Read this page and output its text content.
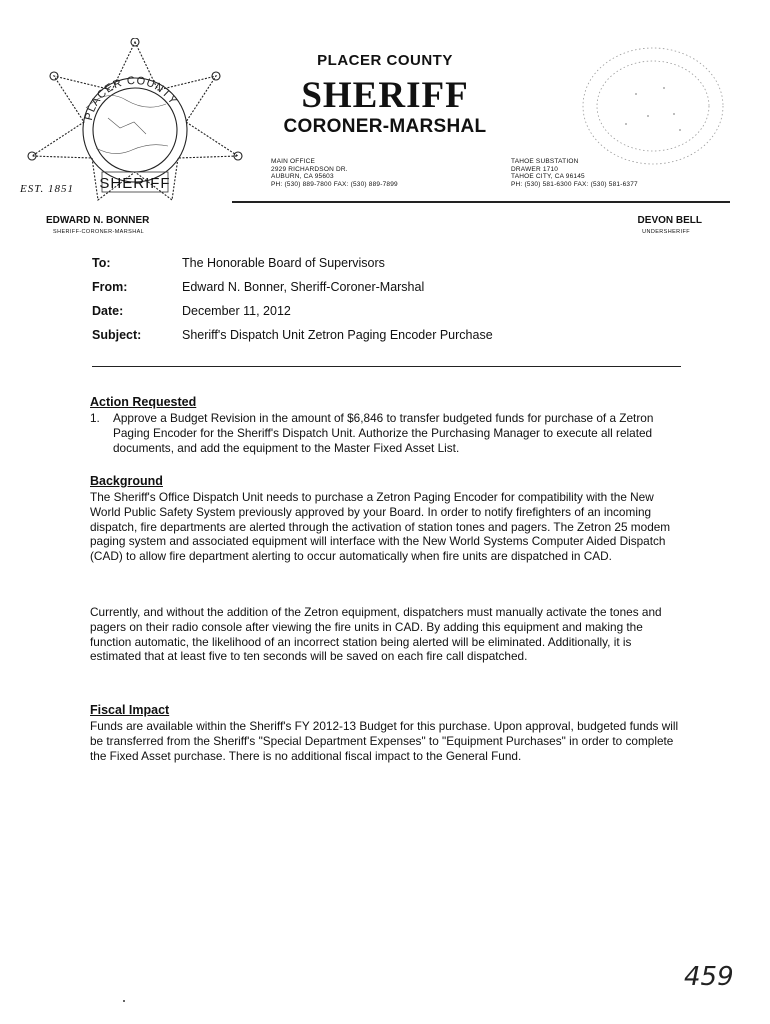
PLACER COUNTY
SHERIFF
EST. 1851
PLACER COUNTY
SHERIFF
CORONER-MARSHAL
MAIN OFFICE
2929 RICHARDSON DR.
AUBURN, CA 95603
PH: (530) 889-7800 FAX: (530) 889-7899
TAHOE SUBSTATION
DRAWER 1710
TAHOE CITY, CA 96145
PH: (530) 581-6300 FAX: (530) 581-6377
EDWARD N. BONNER
SHERIFF-CORONER-MARSHAL
DEVON BELL
UNDERSHERIFF
To:	The Honorable Board of Supervisors
From:	Edward N. Bonner, Sheriff-Coroner-Marshal
Date:	December 11, 2012
Subject:	Sheriff's Dispatch Unit Zetron Paging Encoder Purchase
Action Requested
1. Approve a Budget Revision in the amount of $6,846 to transfer budgeted funds for purchase of a Zetron Paging Encoder for the Sheriff's Dispatch Unit. Authorize the Purchasing Manager to execute all related documents, and add the equipment to the Master Fixed Asset List.
Background
The Sheriff's Office Dispatch Unit needs to purchase a Zetron Paging Encoder for compatibility with the New World Public Safety System previously approved by your Board. In order to notify firefighters of an incoming dispatch, fire departments are alerted through the activation of station tones and pagers. The Zetron 25 modem paging system and associated equipment will interface with the New World Systems Computer Aided Dispatch (CAD) to allow fire department alerting to occur automatically when fire units are dispatched in CAD.
Currently, and without the addition of the Zetron equipment, dispatchers must manually activate the tones and pagers on their radio console after viewing the fire units in CAD. By adding this equipment and making the function automatic, the likelihood of an incorrect station being alerted will be eliminated. Additionally, it is estimated that at least five to ten seconds will be saved on each fire call dispatched.
Fiscal Impact
Funds are available within the Sheriff's FY 2012-13 Budget for this purchase. Upon approval, budgeted funds will be transferred from the Sheriff's "Special Department Expenses" to "Equipment Purchases" in order to complete the Fixed Asset purchase. There is no additional fiscal impact to the General Fund.
459
